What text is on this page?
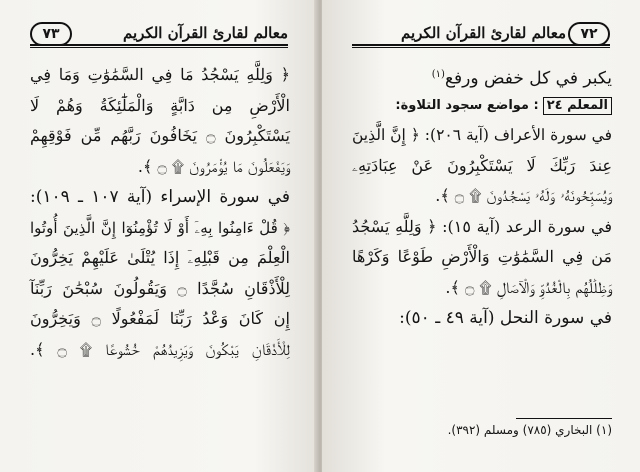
معالم لقارئ القرآن الكريم
٧٣
﴿ وَلِلَّهِ يَسْجُدُ مَا فِي السَّمَٰوَٰتِ وَمَا فِي
الْأَرْضِ مِن دَابَّةٍ وَالْمَلَٰٓئِكَةُ وَهُمْ لَا
يَسْتَكْبِرُونَ ۝ يَخَافُونَ رَبَّهُم مِّن فَوْقِهِمْ
وَيَفْعَلُونَ مَا يُؤْمَرُونَ ۩ ۝ ﴾.
في سورة الإسراء (آية ١٠٧ ـ ١٠٩):
﴿ قُلْ ءَامِنُوا بِهِۦٓ أَوْ لَا تُؤْمِنُوٓا إِنَّ الَّذِينَ أُوتُوا
الْعِلْمَ مِن قَبْلِهِۦٓ إِذَا يُتْلَىٰ عَلَيْهِمْ يَخِرُّونَ
لِلْأَذْقَانِ سُجَّدًا ۝ وَيَقُولُونَ سُبْحَٰنَ رَبِّنَآ
إِن كَانَ وَعْدُ رَبِّنَا لَمَفْعُولًا ۝ وَيَخِرُّونَ
لِلْأَذْقَانِ يَبْكُونَ وَيَزِيدُهُمْ خُشُوعًا ۩ ۝ ﴾.
معالم لقارئ القرآن الكريم	٧٢
يكبر في كل خفض ورفع$^{(١)}$
المعلم ٢٤: مواضع سجود التلاوة:
في سورة الأعراف (آية ٢٠٦): ﴿ إِنَّ الَّذِينَ
عِندَ رَبِّكَ لَا يَسْتَكْبِرُونَ عَنْ عِبَادَتِهِۦ
وَيُسَبِّحُونَهُۥ وَلَهُۥ يَسْجُدُونَ ۩ ۝ ﴾.
في سورة الرعد (آية ١٥): ﴿ وَلِلَّهِ يَسْجُدُ
مَن فِي السَّمَٰوَٰتِ وَالْأَرْضِ طَوْعًا وَكَرْهًا
وَظِلَٰلُهُم بِالْغُدُوِّ وَالْآصَالِ ۩ ۝ ﴾.
في سورة النحل (آية ٤٩ ـ ٥٠):
(١) البخاري (٧٨٥) ومسلم (٣٩٢).
